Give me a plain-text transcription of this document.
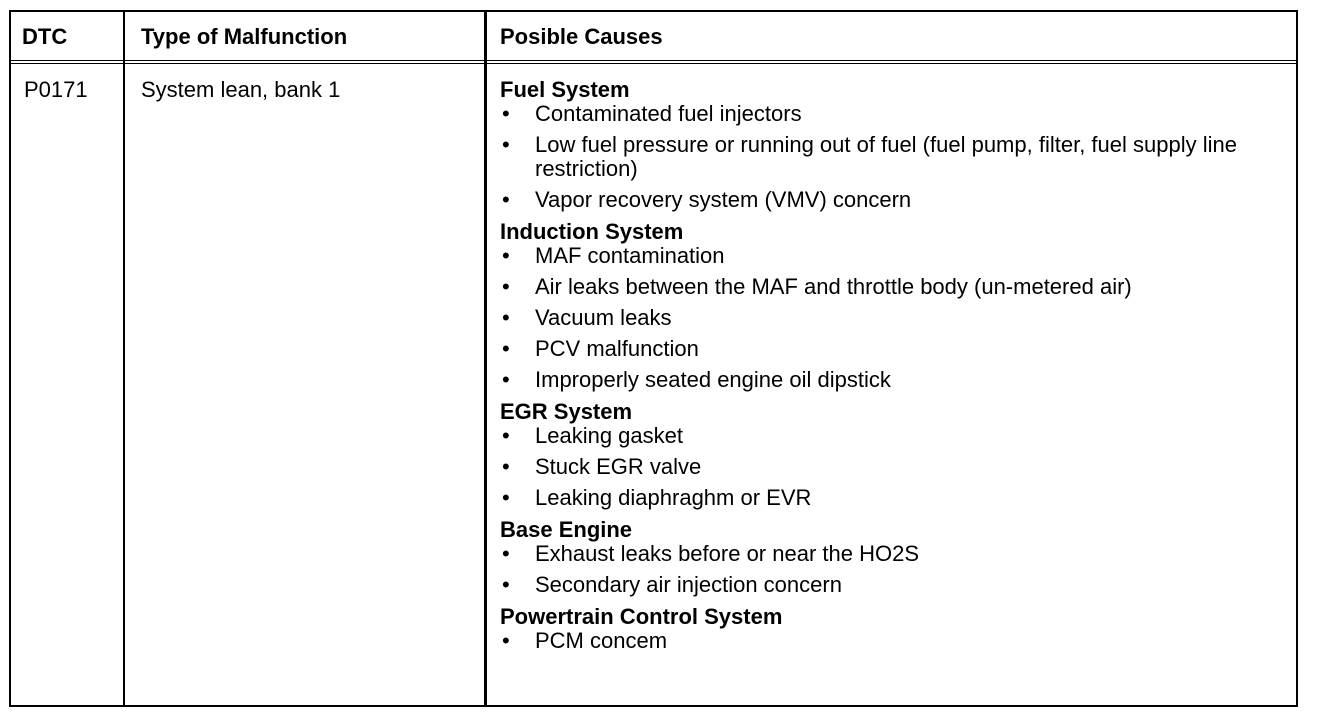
DTC	Type of Malfunction	Posible Causes
P0171 System lean, bank 1	Fuel System
• Contaminated fuel injectors
• Low fuel pressure or running out of fuel (fuel pump, filter, fuel supply line restriction)
• Vapor recovery system (VMV) concern
Induction System
• MAF contamination
• Air leaks between the MAF and throttle body (un-metered air)
• Vacuum leaks
• PCV malfunction
• Improperly seated engine oil dipstick
EGR System
• Leaking gasket
• Stuck EGR valve
• Leaking diaphraghm or EVR
Base Engine
• Exhaust leaks before or near the HO2S
• Secondary air injection concern
Powertrain Control System
• PCM concem
